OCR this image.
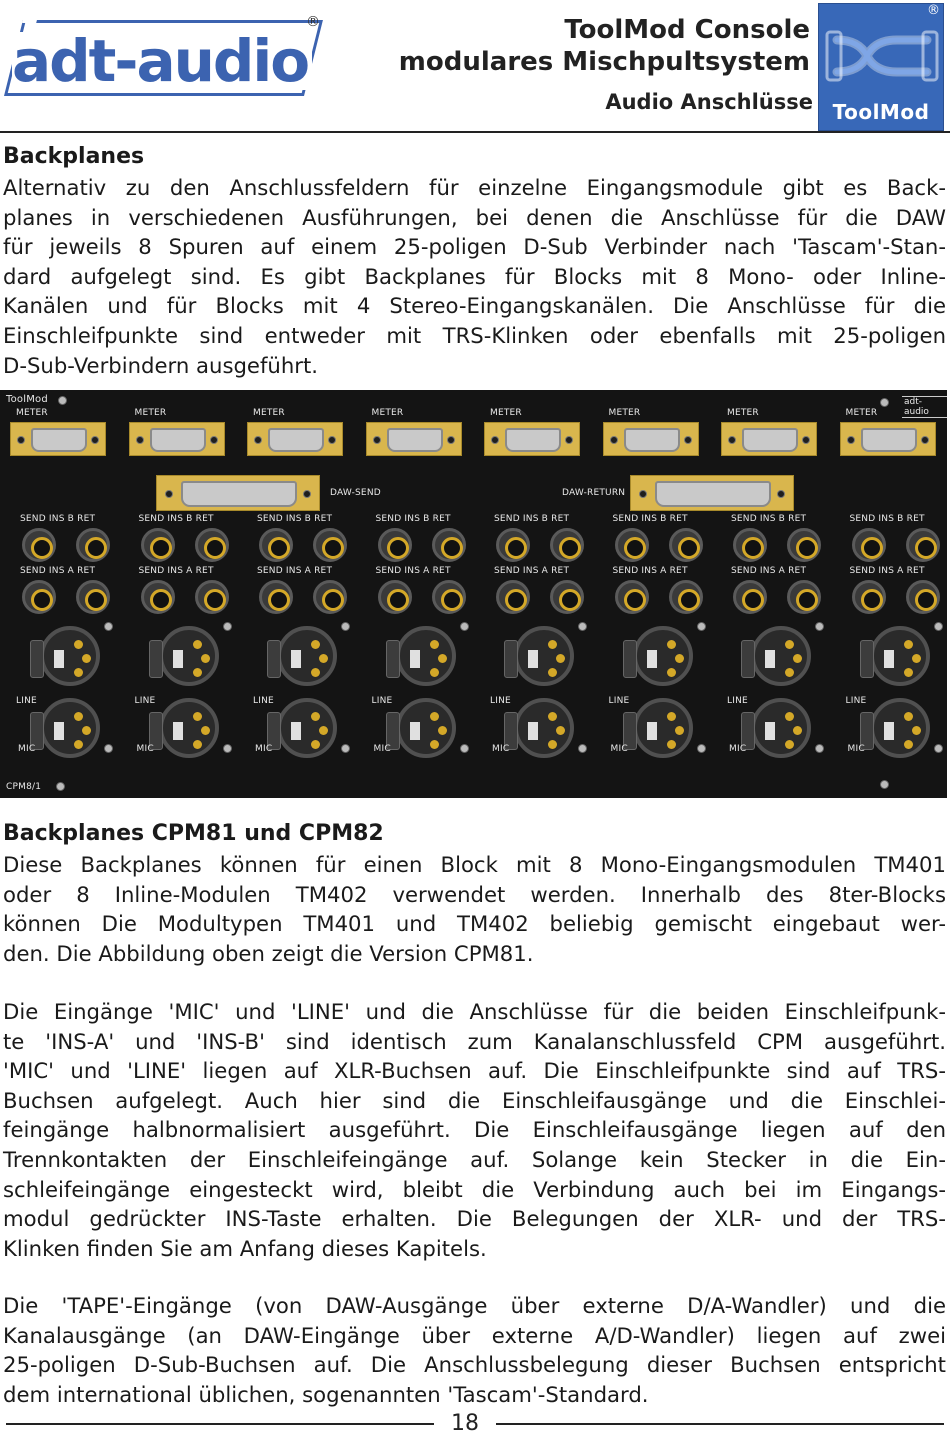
adt-audio
®	ToolMod Console
modulares Mischpultsystem
Audio Anschlüsse
®
ToolMod
Backplanes
Alternativ zu den Anschlussfeldern für einzelne Eingangsmodule gibt es Back-
planes in verschiedenen Ausführungen, bei denen die Anschlüsse für die DAW
für jeweils 8 Spuren auf einem 25-poligen D-Sub Verbinder nach 'Tascam'-Stan-
dard aufgelegt sind. Es gibt Backplanes für Blocks mit 8 Mono- oder Inline-
Kanälen und für Blocks mit 4 Stereo-Eingangskanälen. Die Anschlüsse für die
Einschleifpunkte sind entweder mit TRS-Klinken oder ebenfalls mit 25-poligen
D-Sub-Verbindern ausgeführt.
ToolMod	adt-audio
DAW-SEND	DAW-RETURN
CPM8/1
METER
SEND INS B RET
SEND INS A RET
LINE
MIC
METER
SEND INS B RET
SEND INS A RET
LINE
MIC
METER
SEND INS B RET
SEND INS A RET
LINE
MIC
METER
SEND INS B RET
SEND INS A RET
LINE
MIC
METER
SEND INS B RET
SEND INS A RET
LINE
MIC
METER
SEND INS B RET
SEND INS A RET
LINE
MIC
METER
SEND INS B RET
SEND INS A RET
LINE
MIC
METER
SEND INS B RET
SEND INS A RET
LINE
MIC
Backplanes CPM81 und CPM82
Diese Backplanes können für einen Block mit 8 Mono-Eingangsmodulen TM401
oder 8 Inline-Modulen TM402 verwendet werden. Innerhalb des 8ter-Blocks
können Die Modultypen TM401 und TM402 beliebig gemischt eingebaut wer-
den. Die Abbildung oben zeigt die Version CPM81.
Die Eingänge 'MIC' und 'LINE' und die Anschlüsse für die beiden Einschleifpunk-
te 'INS-A' und 'INS-B' sind identisch zum Kanalanschlussfeld CPM ausgeführt.
'MIC' und 'LINE' liegen auf XLR-Buchsen auf. Die Einschleifpunkte sind auf TRS-
Buchsen aufgelegt. Auch hier sind die Einschleifausgänge und die Einschlei-
feingänge halbnormalisiert ausgeführt. Die Einschleifausgänge liegen auf den
Trennkontakten der Einschleifeingänge auf. Solange kein Stecker in die Ein-
schleifeingänge eingesteckt wird, bleibt die Verbindung auch bei im Eingangs-
modul gedrückter INS-Taste erhalten. Die Belegungen der XLR- und der TRS-
Klinken finden Sie am Anfang dieses Kapitels.
Die 'TAPE'-Eingänge (von DAW-Ausgänge über externe D/A-Wandler) und die
Kanalausgänge (an DAW-Eingänge über externe A/D-Wandler) liegen auf zwei
25-poligen D-Sub-Buchsen auf. Die Anschlussbelegung dieser Buchsen entspricht
dem international üblichen, sogenannten 'Tascam'-Standard.
18
